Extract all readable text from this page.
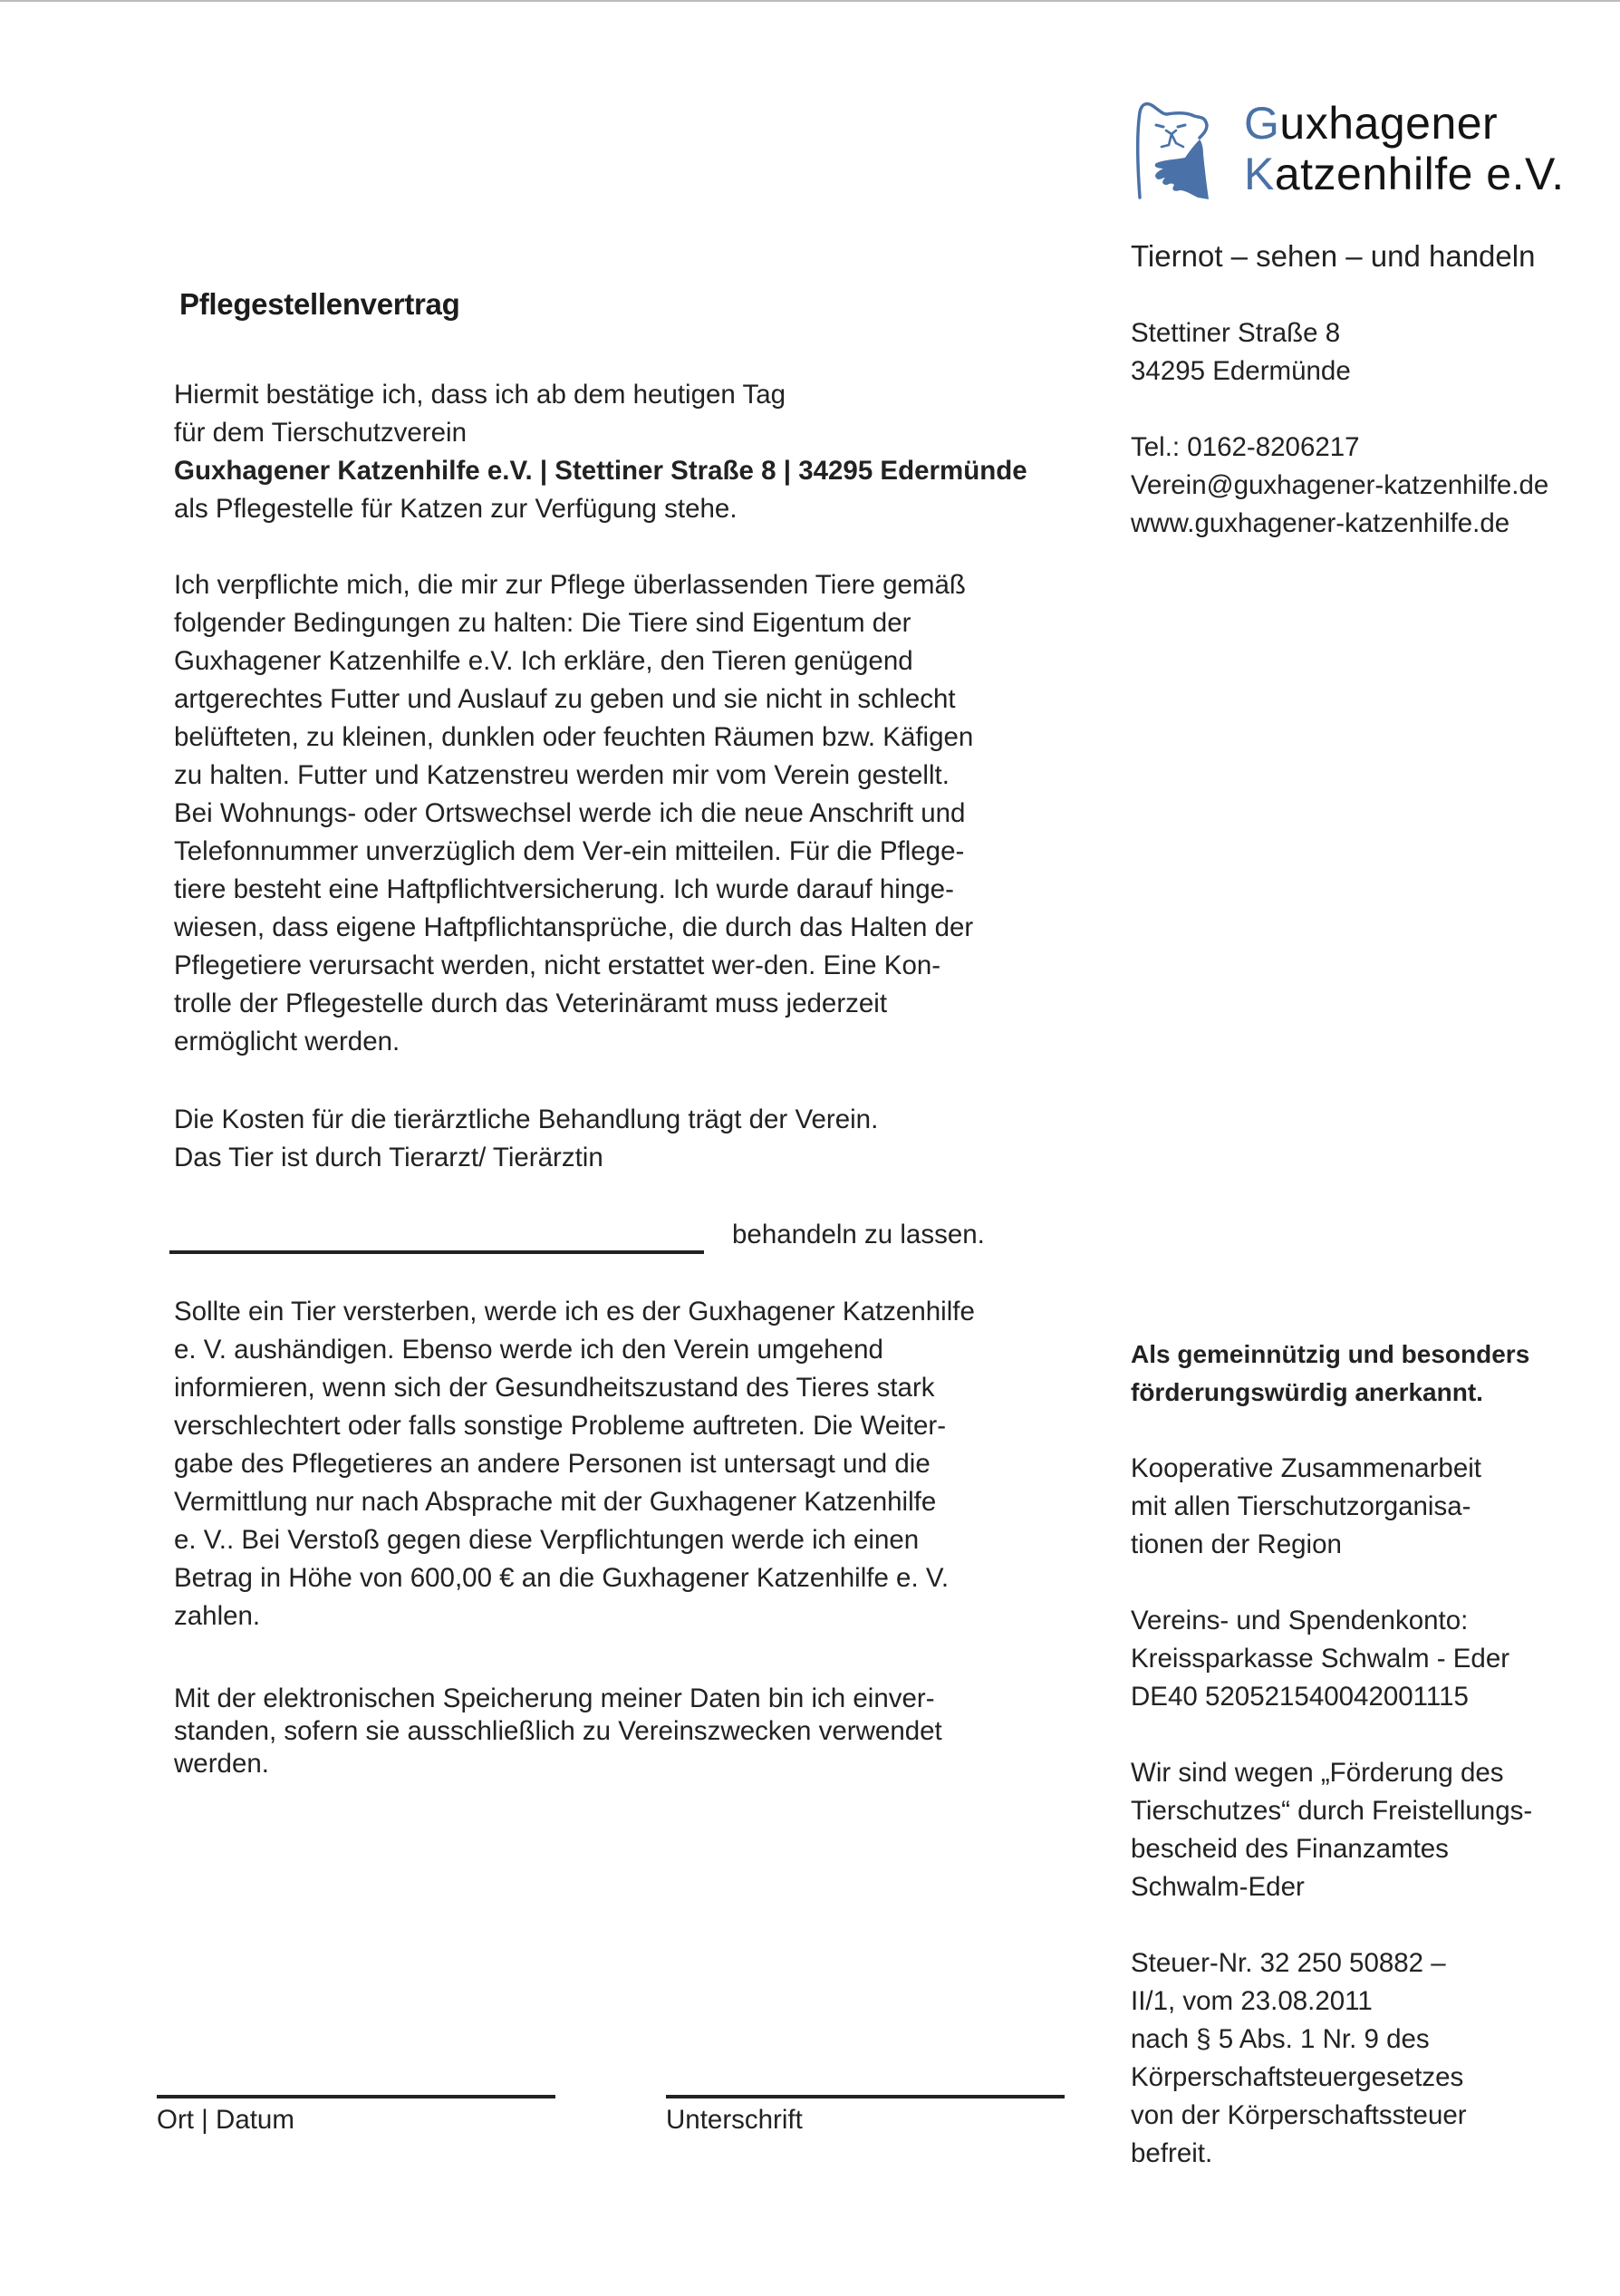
Guxhagener
Katzenhilfe e.V.
Tiernot – sehen – und handeln

Stettiner Straße 8

34295 Edermünde

Tel.: 0162-8206217

Verein@guxhagener-katzenhilfe.de

www.guxhagener-katzenhilfe.de

Pflegestellenvertrag

Hiermit bestätige ich, dass ich ab dem heutigen Tag

für dem Tierschutzverein

Guxhagener Katzenhilfe e.V. | Stettiner Straße 8 | 34295 Edermünde

als Pflegestelle für Katzen zur Verfügung stehe.

Ich verpflichte mich, die mir zur Pflege überlassenden Tiere gemäß

folgender Bedingungen zu halten: Die Tiere sind Eigentum der

Guxhagener Katzenhilfe e.V. Ich erkläre, den Tieren genügend

artgerechtes Futter und Auslauf zu geben und sie nicht in schlecht

belüfteten, zu kleinen, dunklen oder feuchten Räumen bzw. Käfigen

zu halten. Futter und Katzenstreu werden mir vom Verein gestellt.

Bei Wohnungs- oder Ortswechsel werde ich die neue Anschrift und

Telefonnummer unverzüglich dem Ver-ein mitteilen. Für die Pflege-

tiere besteht eine Haftpflichtversicherung. Ich wurde darauf hinge-

wiesen, dass eigene Haftpflichtansprüche, die durch das Halten der

Pflegetiere verursacht werden, nicht erstattet wer-den. Eine Kon-

trolle der Pflegestelle durch das Veterinäramt muss jederzeit

ermöglicht werden.

Die Kosten für die tierärztliche Behandlung trägt der Verein.

Das Tier ist durch Tierarzt/ Tierärztin

behandeln zu lassen.

Sollte ein Tier versterben, werde ich es der Guxhagener Katzenhilfe

e. V. aushändigen. Ebenso werde ich den Verein umgehend

informieren, wenn sich der Gesundheitszustand des Tieres stark

verschlechtert oder falls sonstige Probleme auftreten. Die Weiter-

gabe des Pflegetieres an andere Personen ist untersagt und die

Vermittlung nur nach Absprache mit der Guxhagener Katzenhilfe

e. V.. Bei Verstoß gegen diese Verpflichtungen werde ich einen

Betrag in Höhe von 600,00 € an die Guxhagener Katzenhilfe e. V.

zahlen.

Mit der elektronischen Speicherung meiner Daten bin ich einver-

standen, sofern sie ausschließlich zu Vereinszwecken verwendet

werden.

Ort | Datum	Unterschrift

Als gemeinnützig und besonders

förderungswürdig anerkannt.

Kooperative Zusammenarbeit

mit allen Tierschutzorganisa-

tionen der Region

Vereins- und Spendenkonto:

Kreissparkasse Schwalm - Eder

DE40 520521540042001115

Wir sind wegen „Förderung des

Tierschutzes“ durch Freistellungs-

bescheid des Finanzamtes

Schwalm-Eder

Steuer-Nr. 32 250 50882 –

II/1, vom 23.08.2011

nach § 5 Abs. 1 Nr. 9 des

Körperschaftsteuergesetzes

von der Körperschaftssteuer

befreit.
